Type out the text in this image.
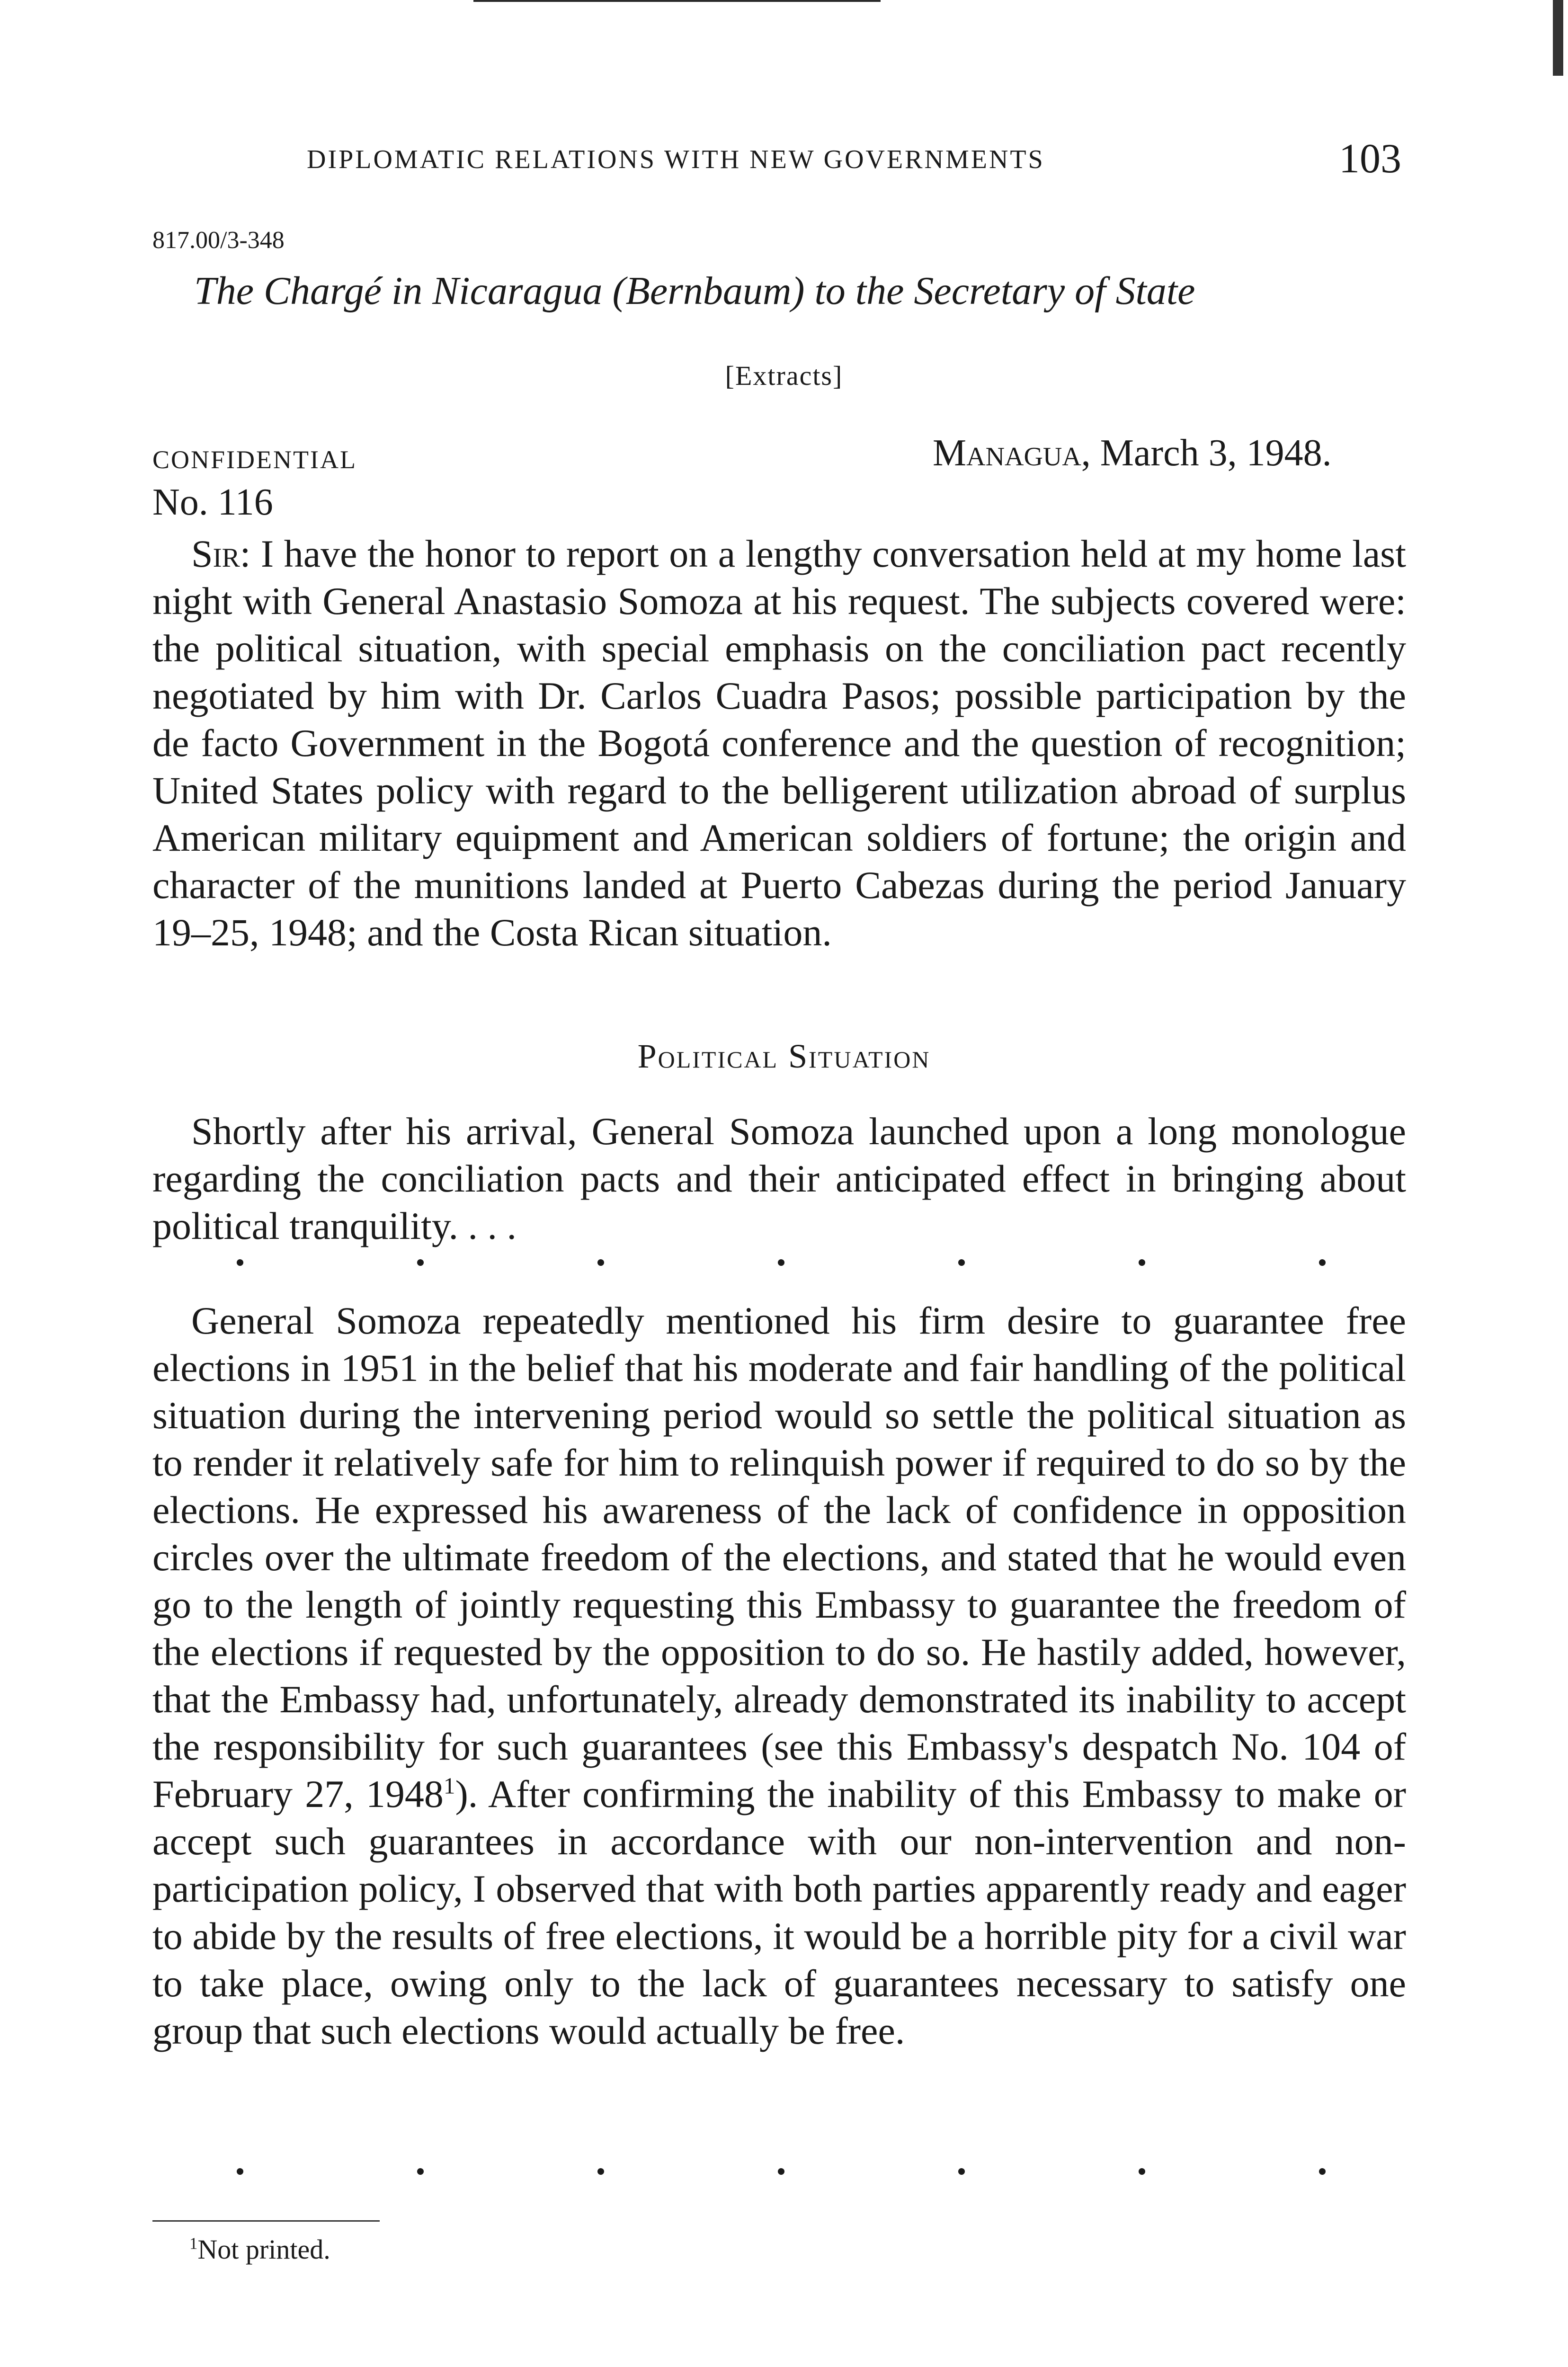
DIPLOMATIC RELATIONS WITH NEW GOVERNMENTS	103
817.00/3-348
The Chargé in Nicaragua (Bernbaum) to the Secretary of State
[Extracts]
CONFIDENTIAL	Managua, March 3, 1948.
No. 116

Sir: I have the honor to report on a lengthy conversation held at my home last night with General Anastasio Somoza at his request. The subjects covered were: the political situation, with special emphasis on the conciliation pact recently negotiated by him with Dr. Carlos Cuadra Pasos; possible participation by the de facto Government in the Bogotá conference and the question of recognition; United States policy with regard to the belligerent utilization abroad of surplus American military equipment and American soldiers of fortune; the origin and character of the munitions landed at Puerto Cabezas during the period January 19–25, 1948; and the Costa Rican situation.

Political Situation

Shortly after his arrival, General Somoza launched upon a long monologue regarding the conciliation pacts and their anticipated effect in bringing about political tranquility. . . .

General Somoza repeatedly mentioned his firm desire to guarantee free elections in 1951 in the belief that his moderate and fair handling of the political situation during the intervening period would so settle the political situation as to render it relatively safe for him to relinquish power if required to do so by the elections. He expressed his awareness of the lack of confidence in opposition circles over the ultimate freedom of the elections, and stated that he would even go to the length of jointly requesting this Embassy to guarantee the freedom of the elections if requested by the opposition to do so. He hastily added, however, that the Embassy had, unfortunately, already demonstrated its inability to accept the responsibility for such guarantees (see this Embassy's despatch No. 104 of February 27, 1948$^1$). After confirming the inability of this Embassy to make or accept such guarantees in accordance with our non-intervention and non-participation policy, I observed that with both parties apparently ready and eager to abide by the results of free elections, it would be a horrible pity for a civil war to take place, owing only to the lack of guarantees necessary to satisfy one group that such elections would actually be free.

$^1$Not printed.
